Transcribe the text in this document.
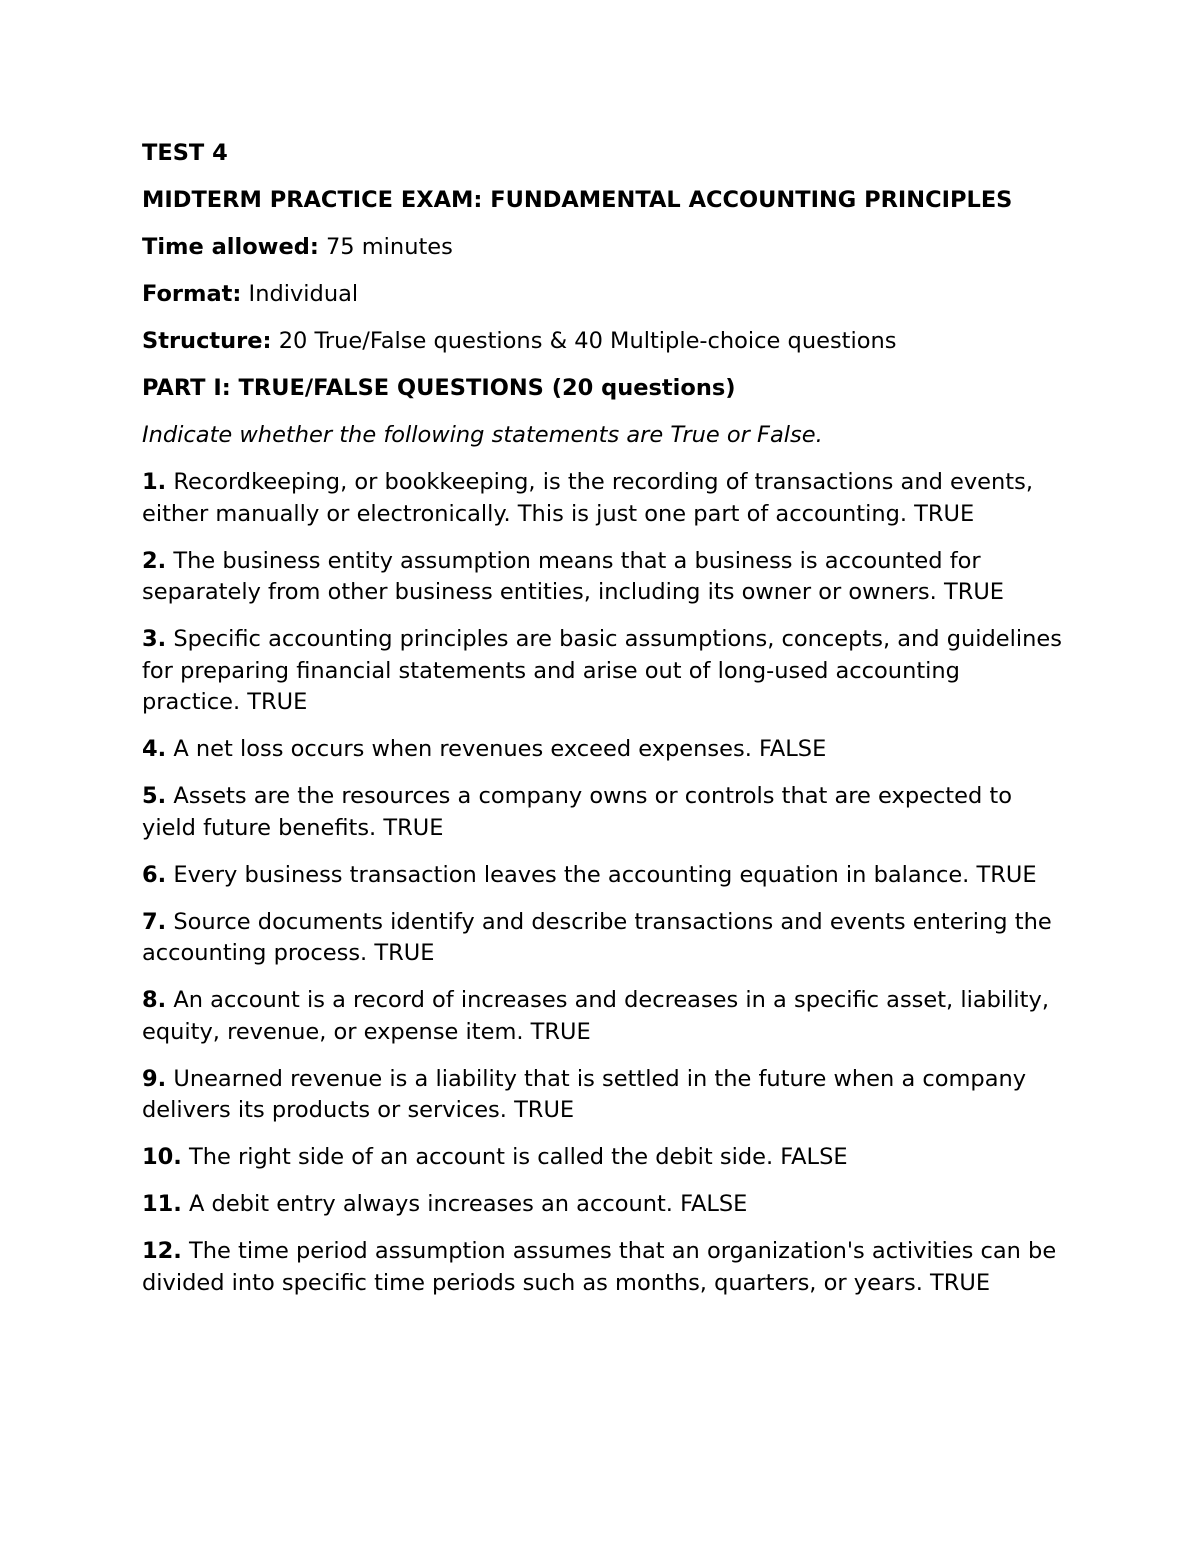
TEST 4

MIDTERM PRACTICE EXAM: FUNDAMENTAL ACCOUNTING PRINCIPLES

Time allowed: 75 minutes

Format: Individual

Structure: 20 True/False questions & 40 Multiple-choice questions

PART I: TRUE/FALSE QUESTIONS (20 questions)

Indicate whether the following statements are True or False.

1. Recordkeeping, or bookkeeping, is the recording of transactions and events, either manually or electronically. This is just one part of accounting. TRUE

2. The business entity assumption means that a business is accounted for separately from other business entities, including its owner or owners. TRUE

3. Specific accounting principles are basic assumptions, concepts, and guidelines for preparing financial statements and arise out of long-used accounting practice. TRUE

4. A net loss occurs when revenues exceed expenses. FALSE

5. Assets are the resources a company owns or controls that are expected to yield future benefits. TRUE

6. Every business transaction leaves the accounting equation in balance. TRUE

7. Source documents identify and describe transactions and events entering the accounting process. TRUE

8. An account is a record of increases and decreases in a specific asset, liability, equity, revenue, or expense item. TRUE

9. Unearned revenue is a liability that is settled in the future when a company delivers its products or services. TRUE

10. The right side of an account is called the debit side. FALSE

11. A debit entry always increases an account. FALSE

12. The time period assumption assumes that an organization's activities can be divided into specific time periods such as months, quarters, or years. TRUE
